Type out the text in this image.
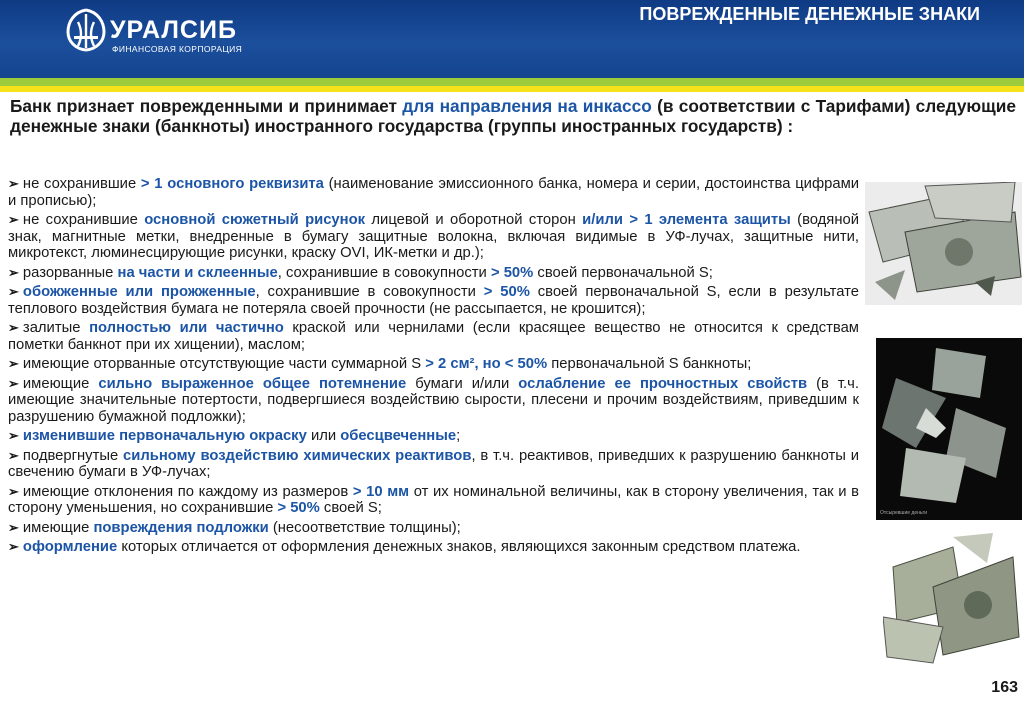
УРАЛСИБ
ФИНАНСОВАЯ КОРПОРАЦИЯ
ПОВРЕЖДЕННЫЕ ДЕНЕЖНЫЕ ЗНАКИ
Банк признает поврежденными и принимает для направления на инкассо (в соответствии с Тарифами) следующие денежные знаки (банкноты) иностранного государства (группы иностранных государств) :
➢ не сохранившие > 1 основного реквизита (наименование эмиссионного банка, номера и серии, достоинства цифрами и прописью);
➢ не сохранившие основной сюжетный рисунок лицевой и оборотной сторон и/или > 1 элемента защиты (водяной знак, магнитные метки, внедренные в бумагу защитные волокна, включая видимые в УФ-лучах, защитные нити, микротекст, люминесцирующие рисунки, краску OVI, ИК-метки и др.);
➢ разорванные на части и склеенные, сохранившие в совокупности > 50% своей первоначальной S;
➢ обожженные или прожженные, сохранившие в совокупности > 50% своей первоначальной S, если в результате теплового воздействия бумага не потеряла своей прочности (не рассыпается, не крошится);
➢ залитые полностью или частично краской или чернилами (если красящее вещество не относится к средствам пометки банкнот при их хищении), маслом;
➢ имеющие оторванные отсутствующие части суммарной S > 2 см², но < 50% первоначальной S банкноты;
➢ имеющие сильно выраженное общее потемнение бумаги и/или ослабление ее прочностных свойств (в т.ч. имеющие значительные потертости, подвергшиеся воздействию сырости, плесени и прочим воздействиям, приведшим к разрушению бумажной подложки);
➢ изменившие первоначальную окраску или обесцвеченные;
➢ подвергнутые сильному воздействию химических реактивов, в т.ч. реактивов, приведших к разрушению банкноты и свечению бумаги в УФ-лучах;
➢ имеющие отклонения по каждому из размеров > 10 мм от их номинальной величины, как в сторону увеличения, так и в сторону уменьшения, но сохранившие > 50% своей S;
➢ имеющие повреждения подложки (несоответствие толщины);
➢ оформление которых отличается от оформления денежных знаков, являющихся законным средством платежа.
Отсыревшие деньги
163
